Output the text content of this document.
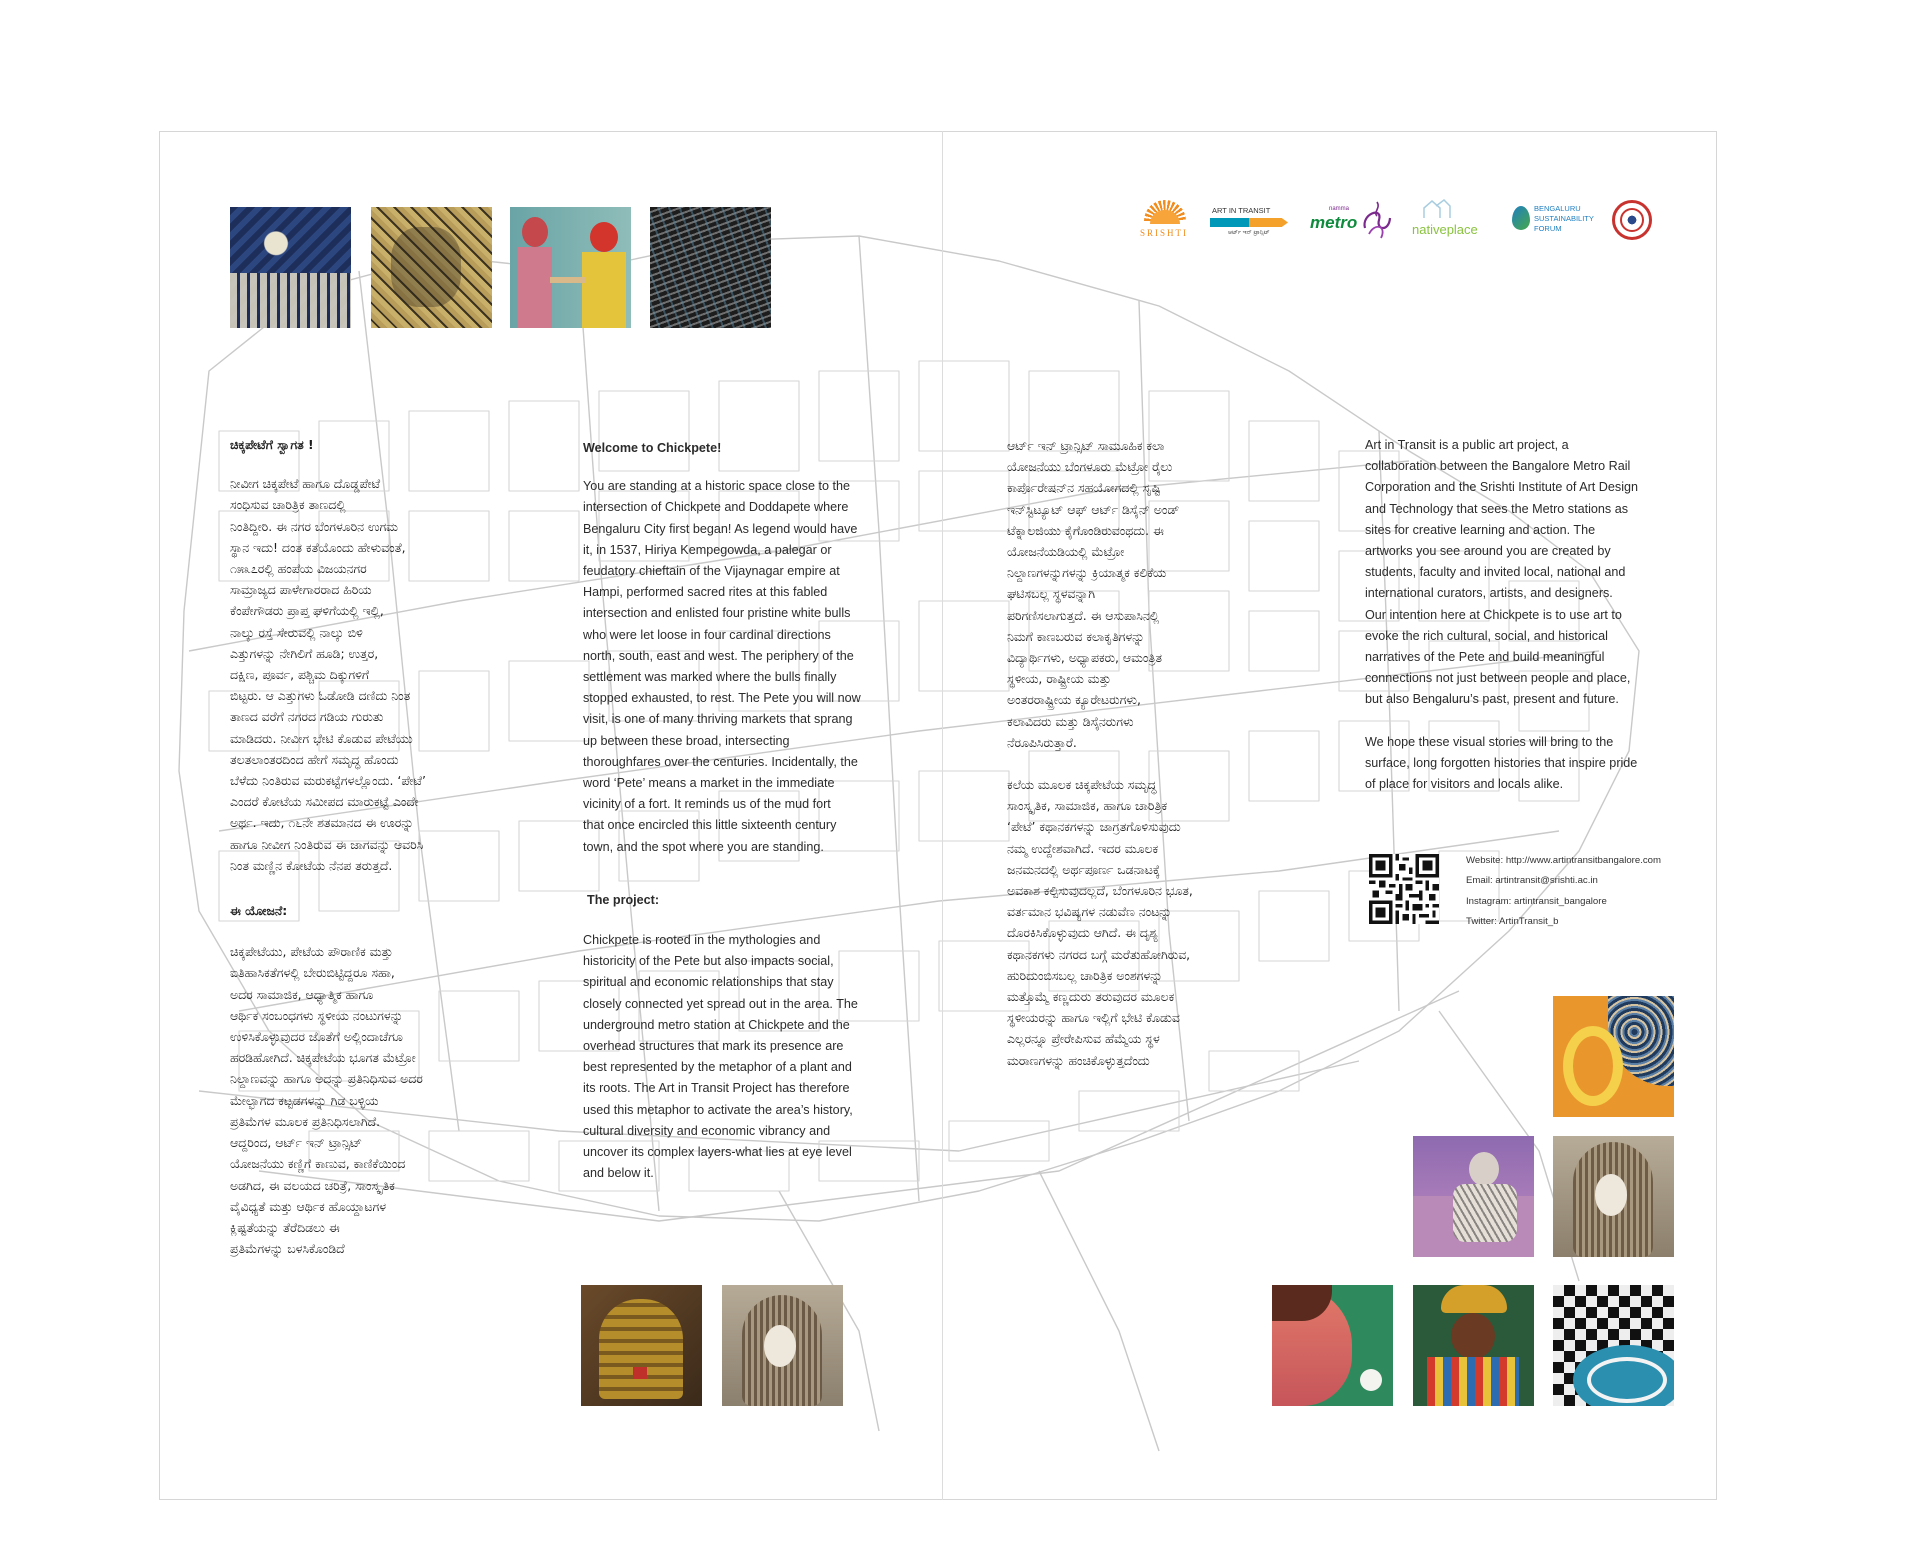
SRISHTI
ART IN TRANSIT
ಆರ್ಟ್ ಇನ್ ಟ್ರಾನ್ಸಿಟ್
namma
metro	nativeplace
BENGALURU
SUSTAINABILITY
FORUM

ಚಿಕ್ಕಪೇಟೆಗೆ ಸ್ವಾಗತ !

ನೀವೀಗ ಚಿಕ್ಕಪೇಟೆ ಹಾಗೂ ದೊಡ್ಡಪೇಟೆ
ಸಂಧಿಸುವ ಚಾರಿತ್ರಿಕ ತಾಣದಲ್ಲಿ
ನಿಂತಿದ್ದೀರಿ. ಈ ನಗರ ಬೆಂಗಳೂರಿನ ಉಗಮ
ಸ್ಥಾನ ಇದು! ದಂತ ಕತೆಯೊಂದು ಹೇಳುವಂತೆ,
೧೫೩೭ರಲ್ಲಿ ಹಂಪೆಯ ವಿಜಯನಗರ
ಸಾಮ್ರಾಜ್ಯದ ಪಾಳೇಗಾರರಾದ ಹಿರಿಯ
ಕೆಂಪೇಗೌಡರು ಪ್ರಾಪ್ತ ಘಳಿಗೆಯಲ್ಲಿ ಇಲ್ಲಿ,
ನಾಲ್ಕು ರಸ್ತೆ ಸೇರುವಲ್ಲಿ ನಾಲ್ಕು ಬಿಳಿ
ಎತ್ತುಗಳನ್ನು ನೇಗಿಲಿಗೆ ಹೂಡಿ; ಉತ್ತರ,
ದಕ್ಷಿಣ, ಪೂರ್ವ, ಪಶ್ಚಿಮ ದಿಕ್ಕುಗಳಿಗೆ
ಬಿಟ್ಟರು. ಆ ಎತ್ತುಗಳು ಓಡೋಡಿ ದಣಿದು ನಿಂತ
ತಾಣದ ವರೆಗೆ ನಗರದ ಗಡಿಯ ಗುರುತು
ಮಾಡಿದರು. ನೀವೀಗ ಭೇಟಿ ಕೊಡುವ ಪೇಟೆಯು
ತಲತಲಾಂತರದಿಂದ ಹೇಗೆ ಸಮೃದ್ಧ ಹೊಂದು
ಬೆಳೆದು ನಿಂತಿರುವ ಮರುಕಟ್ಟೆಗಳಲ್ಲೊಂದು. ‘ಪೇಟೆ’
ಎಂದರೆ ಕೋಟೆಯ ಸಮೀಪದ ಮಾರುಕಟ್ಟೆ ಎಂದೇ
ಅರ್ಥ. ಇದು, ೧೬ನೇ ಶತಮಾನದ ಈ ಊರನ್ನು
ಹಾಗೂ ನೀವೀಗ ನಿಂತಿರುವ ಈ ಜಾಗವನ್ನು ಆವರಿಸಿ
ನಿಂತ ಮಣ್ಣಿನ ಕೋಟೆಯ ನೆನಪ ತರುತ್ತದೆ.

ಈ ಯೋಜನೆ:

ಚಿಕ್ಕಪೇಟೆಯು, ಪೇಟೆಯ ಪೌರಾಣಿಕ ಮತ್ತು
ಐತಿಹಾಸಿಕತೆಗಳಲ್ಲಿ ಬೇರುಬಿಟ್ಟಿದ್ದರೂ ಸಹಾ,
ಅದರ ಸಾಮಾಜಿಕ, ಆಧ್ಯಾತ್ಮಿಕ ಹಾಗೂ
ಆರ್ಥಿಕ ಸಂಬಂಧಗಳು ಸ್ಥಳೀಯ ನಂಟುಗಳನ್ನು
ಉಳಿಸಿಕೊಳ್ಳುವುದರ ಜೊತೆಗೆ ಅಲ್ಲಿಂದಾಚೆಗೂ
ಹರಡಿಹೋಗಿದೆ. ಚಿಕ್ಕಪೇಟೆಯ ಭೂಗತ ಮೆಟ್ರೋ
ನಿಲ್ದಾಣವನ್ನು ಹಾಗೂ ಅದನ್ನು ಪ್ರತಿನಿಧಿಸುವ ಅದರ
ಮೇಲ್ಭಾಗದ ಕಟ್ಟಡಗಳನ್ನು ಗಿಡ ಬಳ್ಳಿಯ
ಪ್ರತಿಮೆಗಳ ಮೂಲಕ ಪ್ರತಿನಿಧಿಸಲಾಗಿದೆ.
ಆದ್ದರಿಂದ, ಆರ್ಟ್ ಇನ್ ಟ್ರಾನ್ಸಿಟ್
ಯೋಜನೆಯು ಕಣ್ಣಿಗೆ ಕಾಣುವ, ಕಾಣಿಕೆಯಿಂದ
ಅಡಗಿದ, ಈ ವಲಯದ ಚರಿತ್ರೆ, ಸಾಂಸ್ಕೃತಿಕ
ವೈವಿಧ್ಯತೆ ಮತ್ತು ಆರ್ಥಿಕ ಹೊಯ್ದಾಟಗಳ
ಕ್ಲಿಷ್ಟತೆಯನ್ನು ತೆರೆದಿಡಲು ಈ
ಪ್ರತಿಮೆಗಳನ್ನು ಬಳಸಿಕೊಂಡಿದೆ

Welcome to Chickpete!

You are standing at a historic space close to the
intersection of Chickpete and Doddapete where
Bengaluru City first began! As legend would have
it, in 1537, Hiriya Kempegowda, a palegar or
feudatory chieftain of the Vijaynagar empire at
Hampi, performed sacred rites at this fabled
intersection and enlisted four pristine white bulls
who were let loose in four cardinal directions
north, south, east and west. The periphery of the
settlement was marked where the bulls finally
stopped exhausted, to rest. The Pete you will now
visit, is one of many thriving markets that sprang
up between these broad, intersecting
thoroughfares over the centuries. Incidentally, the
word ‘Pete’ means a market in the immediate
vicinity of a fort. It reminds us of the mud fort
that once encircled this little sixteenth century
town, and the spot where you are standing.

The project:

Chickpete is rooted in the mythologies and
historicity of the Pete but also impacts social,
spiritual and economic relationships that stay
closely connected yet spread out in the area. The
underground metro station at Chickpete and the
overhead structures that mark its presence are
best represented by the metaphor of a plant and
its roots. The Art in Transit Project has therefore
used this metaphor to activate the area’s history,
cultural diversity and economic vibrancy and
uncover its complex layers-what lies at eye level
and below it.

ಆರ್ಟ್ ಇನ್ ಟ್ರಾನ್ಸಿಟ್ ಸಾಮೂಹಿಕ ಕಲಾ
ಯೋಜನೆಯು ಬೆಂಗಳೂರು ಮೆಟ್ರೋ ರೈಲು
ಕಾರ್ಪೊರೇಷನ್‌ನ ಸಹಯೋಗದಲ್ಲಿ ಸೃಷ್ಟಿ
ಇನ್‌ಸ್ಟಿಟ್ಯೂಟ್ ಆಫ್ ಆರ್ಟ್ ಡಿಸೈನ್ ಅಂಡ್
ಟೆಕ್ನಾಲಜಿಯು ಕೈಗೊಂಡಿರುವಂಥದು. ಈ
ಯೋಜನೆಯಡಿಯಲ್ಲಿ ಮೆಟ್ರೋ
ನಿಲ್ದಾಣಗಳನ್ನುಗಳನ್ನು ಕ್ರಿಯಾತ್ಮಕ ಕಲಿಕೆಯ
ಘಟಿಸಬಲ್ಲ ಸ್ಥಳವನ್ನಾಗಿ
ಪರಿಗಣಿಸಲಾಗುತ್ತದೆ. ಈ ಆಸುಪಾಸಿನಲ್ಲಿ
ನಿಮಗೆ ಕಾಣಬರುವ ಕಲಾಕೃತಿಗಳನ್ನು
ವಿದ್ಯಾರ್ಥಿಗಳು, ಅಧ್ಯಾಪಕರು, ಆಮಂತ್ರಿತ
ಸ್ಥಳೀಯ, ರಾಷ್ಟ್ರೀಯ ಮತ್ತು
ಅಂತರರಾಷ್ಟ್ರೀಯ ಕ್ಯೂರೇಟರುಗಳು,
ಕಲಾವಿದರು ಮತ್ತು ಡಿಸೈನರುಗಳು
ನೆರೂಪಿಸಿರುತ್ತಾರೆ.

ಕಲೆಯ ಮೂಲಕ ಚಿಕ್ಕಪೇಟೆಯ ಸಮೃದ್ಧ
ಸಾಂಸ್ಕೃತಿಕ, ಸಾಮಾಜಿಕ, ಹಾಗೂ ಚಾರಿತ್ರಿಕ
‘ಪೇಟೆ’ ಕಥಾನಕಗಳನ್ನು ಜಾಗ್ರತಗೊಳಿಸುವುದು
ನಮ್ಮ ಉದ್ದೇಶವಾಗಿದೆ. ಇದರ ಮೂಲಕ
ಜನಮನದಲ್ಲಿ ಅರ್ಥಪೂರ್ಣ ಒಡನಾಟಕ್ಕೆ
ಅವಕಾಶ ಕಲ್ಪಿಸುವುದಲ್ಲದೆ, ಬೆಂಗಳೂರಿನ ಭೂತ,
ವರ್ತಮಾನ ಭವಿಷ್ಯಗಳ ನಡುವೆಣ ನಂಟನ್ನು
ದೊರಕಿಸಿಕೊಳ್ಳುವುದು ಆಗಿದೆ. ಈ ದೃಶ್ಯ
ಕಥಾನಕಗಳು ನಗರದ ಬಗ್ಗೆ ಮರೆತುಹೋಗಿರುವ,
ಹುರಿದುಂಬಿಸಬಲ್ಲ ಚಾರಿತ್ರಿಕ ಅಂಶಗಳನ್ನು
ಮತ್ತೊಮ್ಮೆ ಕಣ್ಣದುರು ತರುವುದರ ಮೂಲಕ
ಸ್ಥಳೀಯರನ್ನು ಹಾಗೂ ಇಲ್ಲಿಗೆ ಭೇಟಿ ಕೊಡುವ
ಎಲ್ಲರನ್ನೂ ಪ್ರೇರೇಪಿಸುವ ಹೆಮ್ಮೆಯ ಸ್ಥಳ
ಮರಾಣಗಳನ್ನು ಹಂಚಿಕೊಳ್ಳುತ್ತದೆಂದು

Art in Transit is a public art project, a
collaboration between the Bangalore Metro Rail
Corporation and the Srishti Institute of Art Design
and Technology that sees the Metro stations as
sites for creative learning and action. The
artworks you see around you are created by
students, faculty and invited local, national and
international curators, artists, and designers.
Our intention here at Chickpete is to use art to
evoke the rich cultural, social, and historical
narratives of the Pete and build meaningful
connections not just between people and place,
but also Bengaluru’s past, present and future.

We hope these visual stories will bring to the
surface, long forgotten histories that inspire pride
of place for visitors and locals alike.

Website: http://www.artintransitbangalore.com
Email: artintransit@srishti.ac.in
Instagram: artintransit_bangalore
Twitter: ArtinTransit_b
